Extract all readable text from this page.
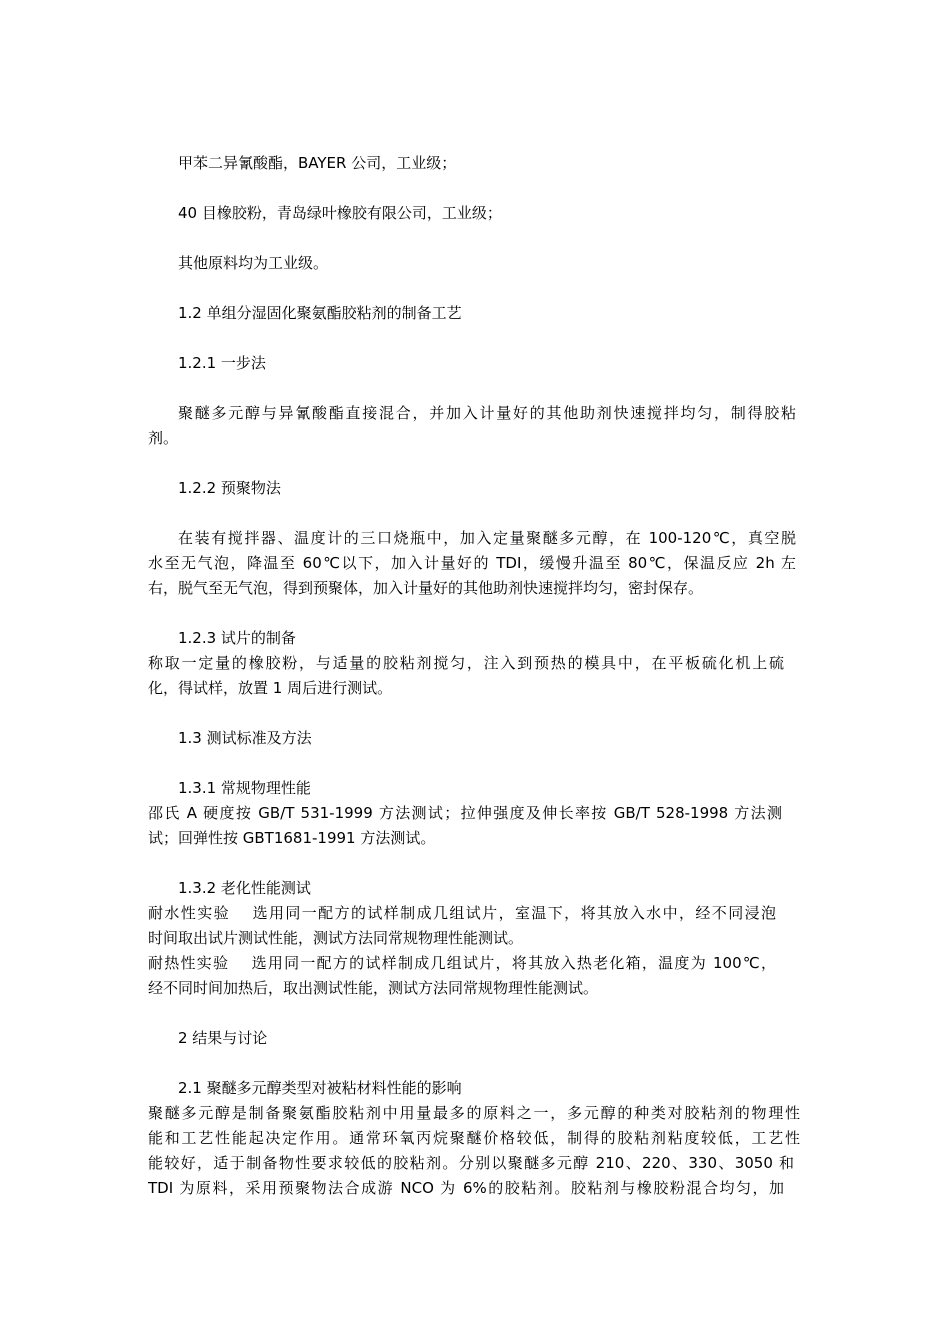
甲苯二异氰酸酯，BAYER 公司，工业级；
40 目橡胶粉，青岛绿叶橡胶有限公司，工业级；
其他原料均为工业级。
1.2 单组分湿固化聚氨酯胶粘剂的制备工艺
1.2.1 一步法
聚醚多元醇与异氰酸酯直接混合，并加入计量好的其他助剂快速搅拌均匀，制得胶粘
剂。
1.2.2 预聚物法
在装有搅拌器、温度计的三口烧瓶中，加入定量聚醚多元醇，在 100-120℃，真空脱
水至无气泡，降温至 60℃以下，加入计量好的 TDI，缓慢升温至 80℃，保温反应 2h 左
右，脱气至无气泡，得到预聚体，加入计量好的其他助剂快速搅拌均匀，密封保存。
1.2.3 试片的制备
称取一定量的橡胶粉，与适量的胶粘剂搅匀，注入到预热的模具中，在平板硫化机上硫
化，得试样，放置 1 周后进行测试。
1.3 测试标准及方法
1.3.1 常规物理性能
邵氏 A 硬度按 GB/T 531-1999 方法测试；拉伸强度及伸长率按 GB/T 528-1998 方法测
试；回弹性按 GBT1681-1991 方法测试。
1.3.2 老化性能测试
耐水性实验　 选用同一配方的试样制成几组试片，室温下，将其放入水中，经不同浸泡
时间取出试片测试性能，测试方法同常规物理性能测试。
耐热性实验　 选用同一配方的试样制成几组试片，将其放入热老化箱，温度为 100℃，
经不同时间加热后，取出测试性能，测试方法同常规物理性能测试。
2 结果与讨论
2.1 聚醚多元醇类型对被粘材料性能的影响
聚醚多元醇是制备聚氨酯胶粘剂中用量最多的原料之一，多元醇的种类对胶粘剂的物理性
能和工艺性能起决定作用。通常环氧丙烷聚醚价格较低，制得的胶粘剂粘度较低，工艺性
能较好，适于制备物性要求较低的胶粘剂。分别以聚醚多元醇 210、220、330、3050 和
TDI 为原料，采用预聚物法合成游 NCO 为 6%的胶粘剂。胶粘剂与橡胶粉混合均匀，加
